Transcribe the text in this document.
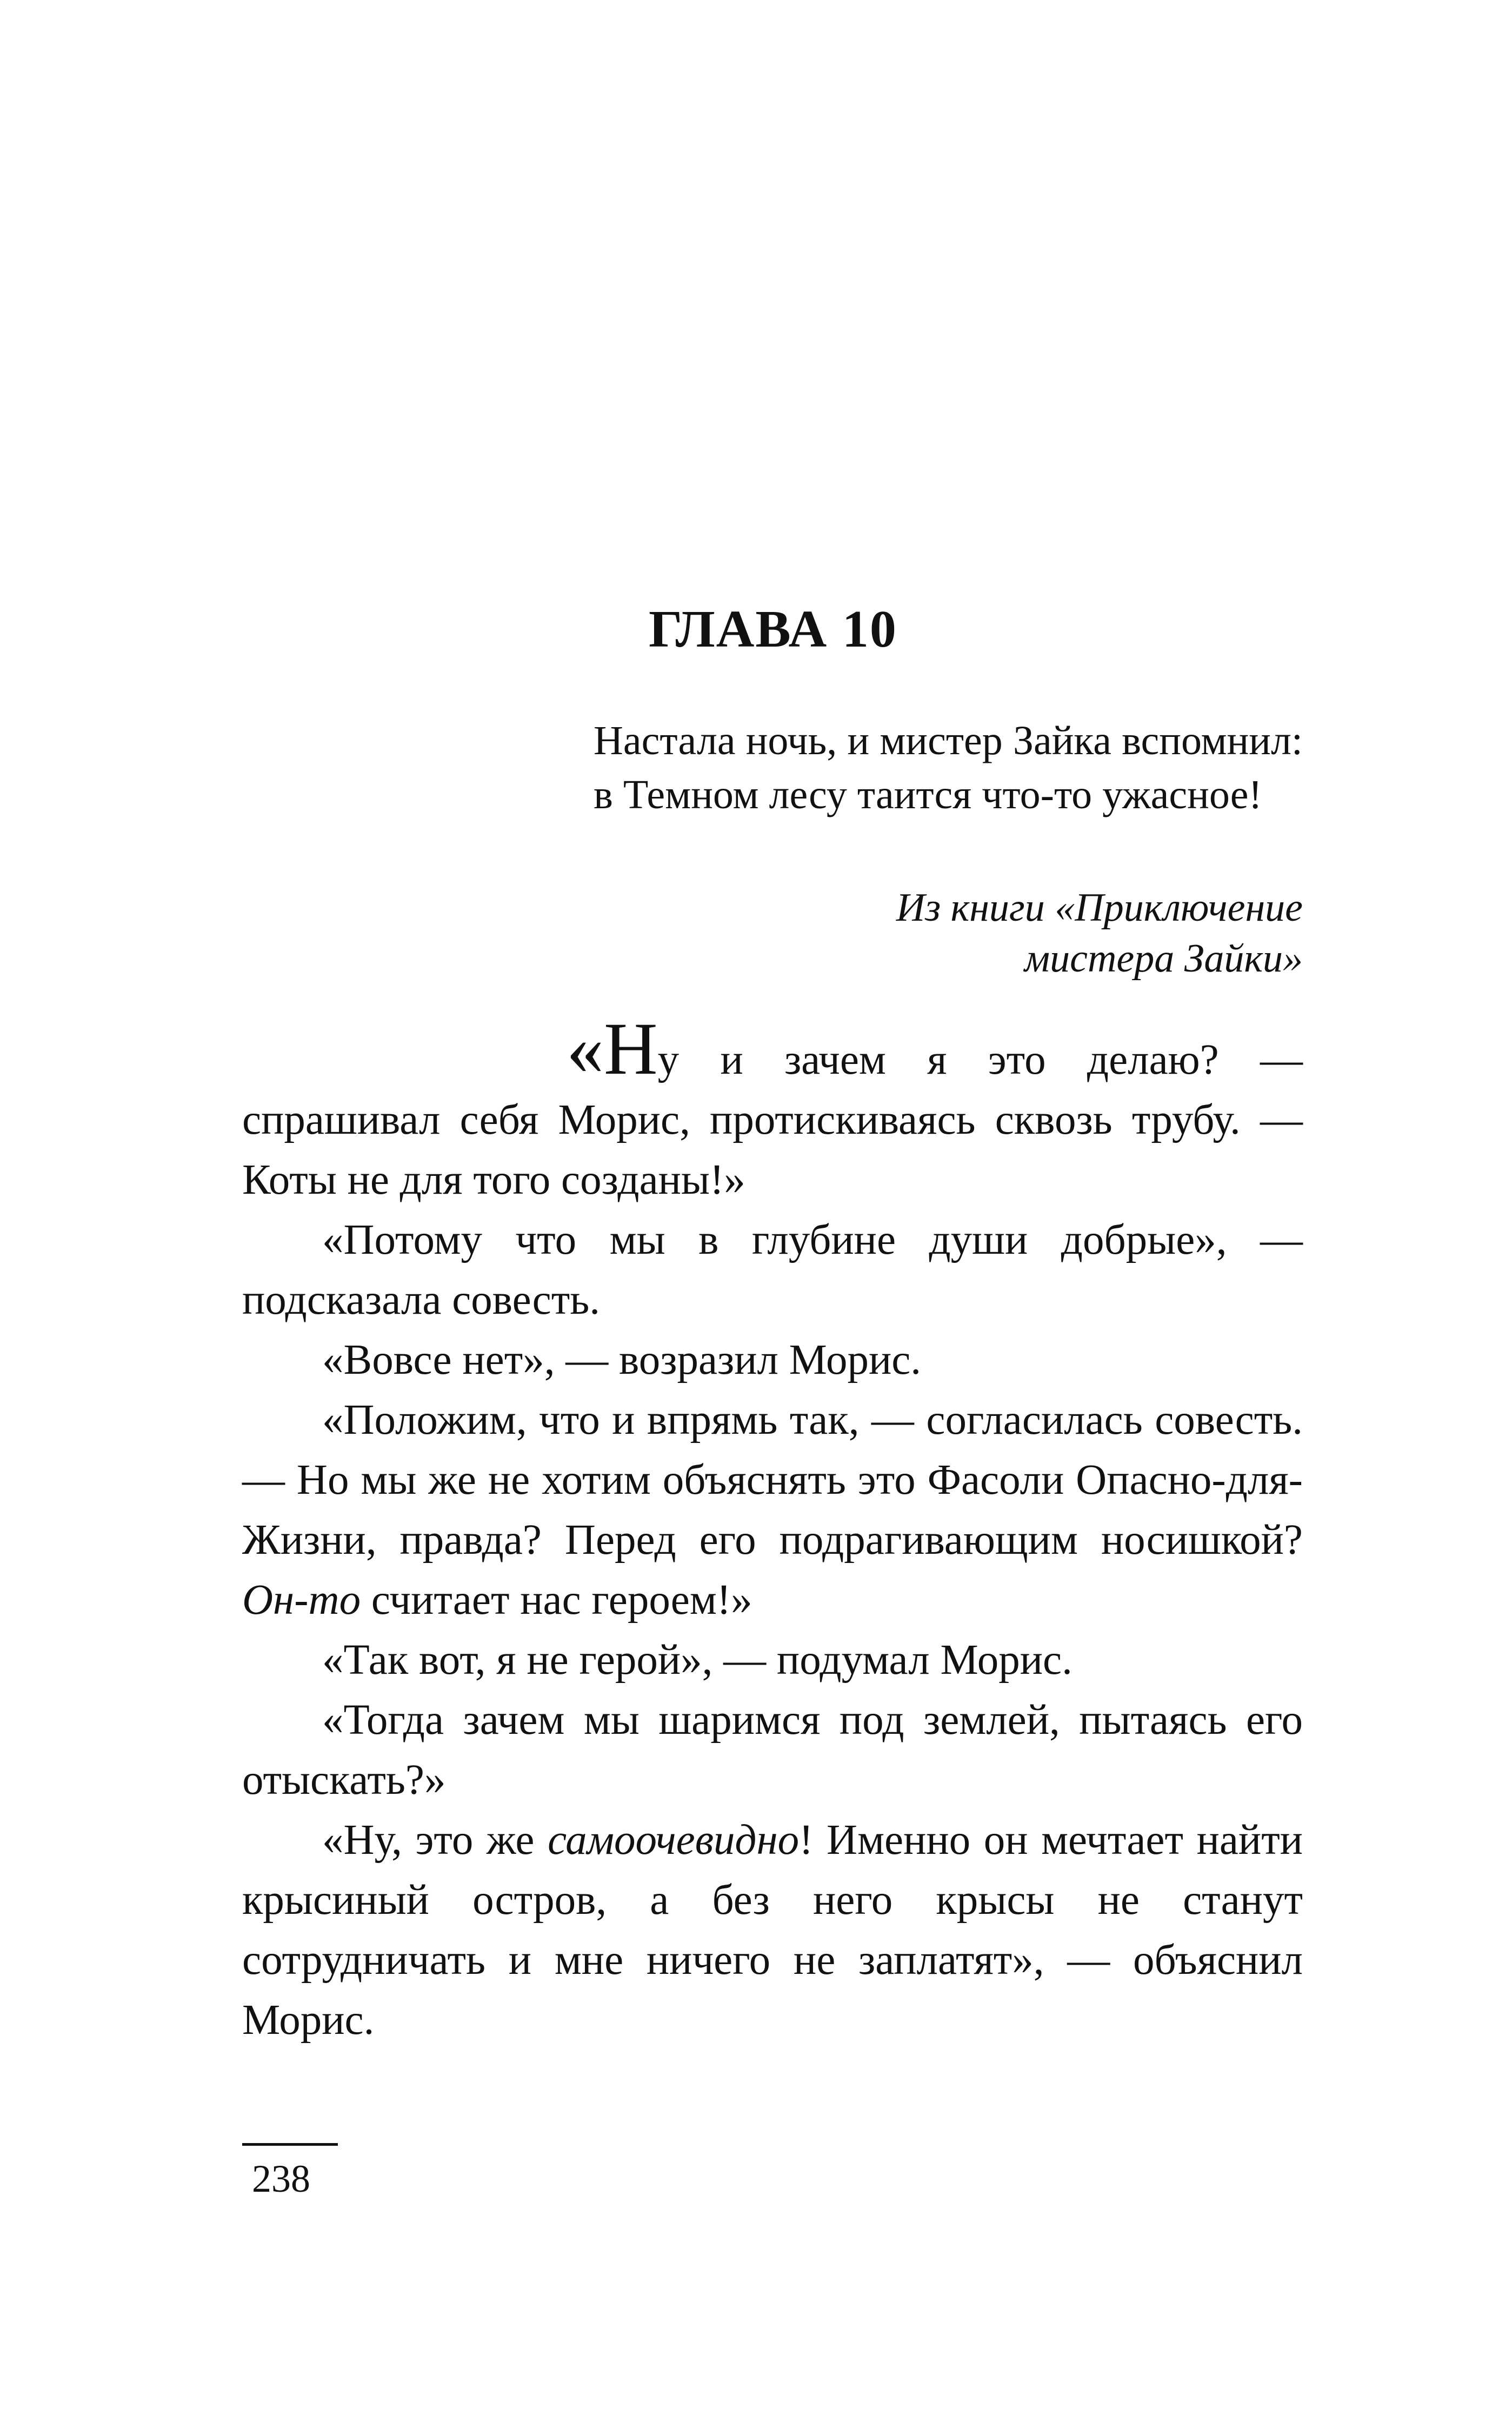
ГЛАВА 10
Настала ночь, и мистер Зайка вспомнил: в Темном лесу таится что-то ужасное!
Из книги «Приключение
мистера Зайки»

«Ну и зачем я это делаю? — спрашивал себя Морис, протискиваясь сквозь трубу. — Коты не для того созданы!»

«Потому что мы в глубине души добрые», — подсказала совесть.

«Вовсе нет», — возразил Морис.

«Положим, что и впрямь так, — согласилась совесть. — Но мы же не хотим объяснять это Фасоли Опасно-для-Жизни, правда? Перед его подрагивающим носишкой? Он-то считает нас героем!»

«Так вот, я не герой», — подумал Морис.

«Тогда зачем мы шаримся под землей, пытаясь его отыскать?»

«Ну, это же самоочевидно! Именно он мечтает найти крысиный остров, а без него крысы не станут сотрудничать и мне ничего не заплатят», — объяснил Морис.

238
